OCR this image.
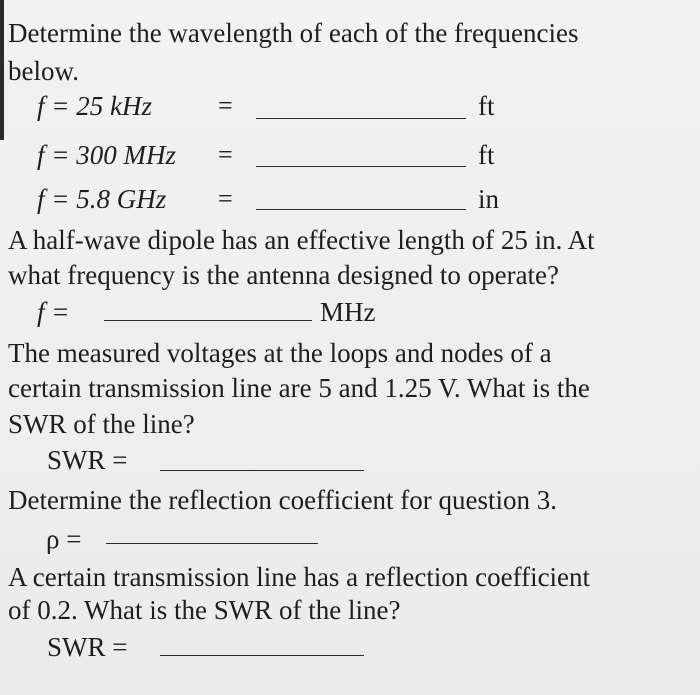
Determine the wavelength of each of the frequencies
below.
f = 25 kHz	=	ft
f = 300 MHz =	ft
f = 5.8 GHz =	in
A half-wave dipole has an effective length of 25 in. At
what frequency is the antenna designed to operate?
f =	MHz
The measured voltages at the loops and nodes of a
certain transmission line are 5 and 1.25 V. What is the
SWR of the line?
SWR =
Determine the reflection coefficient for question 3.
ρ =
A certain transmission line has a reflection coefficient
of 0.2. What is the SWR of the line?
SWR =
